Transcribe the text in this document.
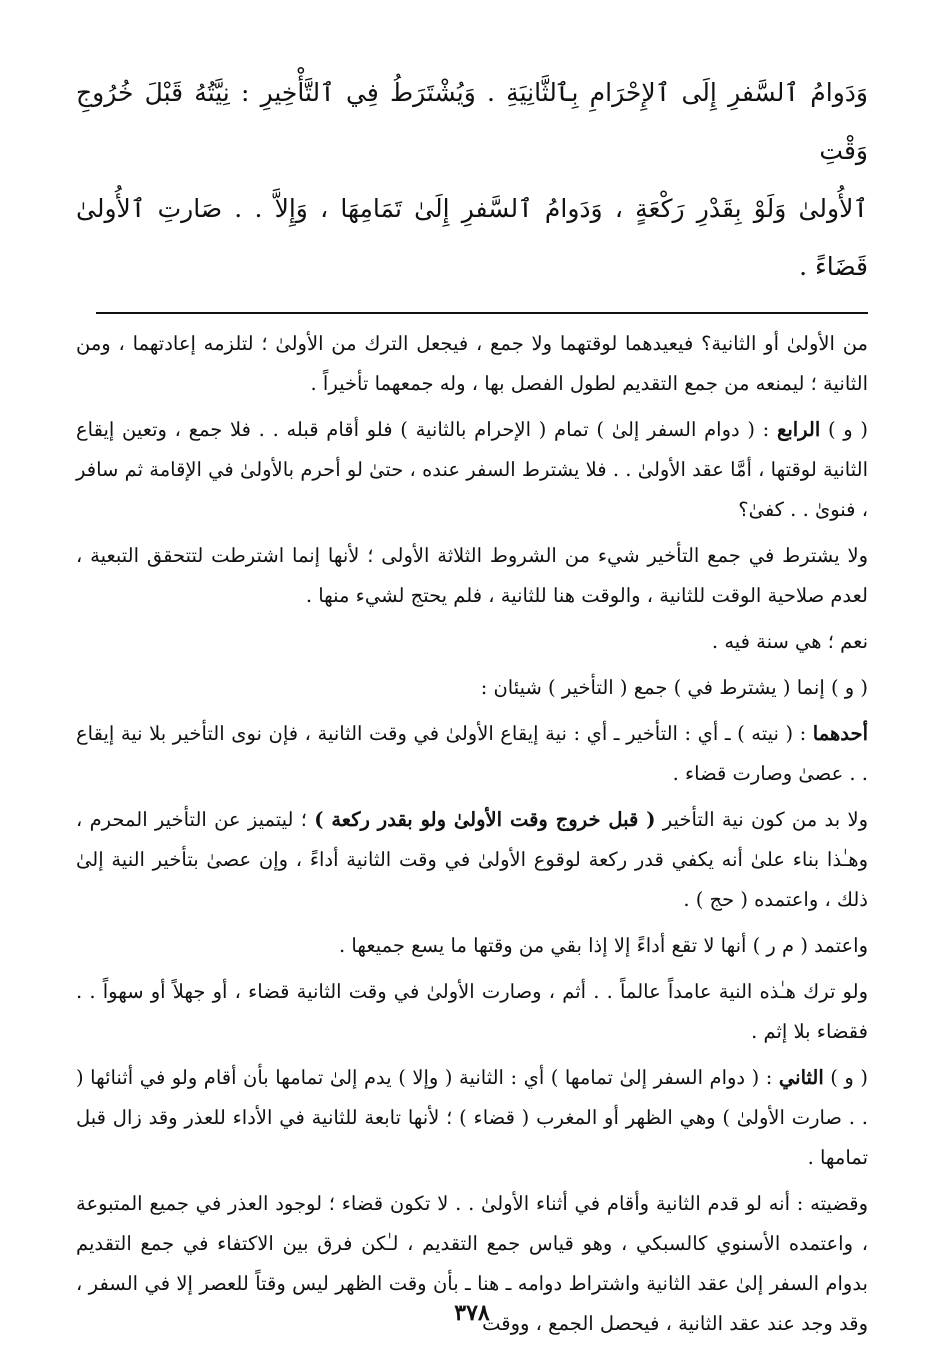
وَدَوامُ ٱلسَّفرِ إِلَى ٱلإِحْرَامِ بِٱلثَّانِيَةِ . وَيُشْتَرَطُ فِي ٱلتَّأْخِيرِ : نِيَّتُهُ قَبْلَ خُرُوجِ وَقْتِ

ٱلأُولىٰ وَلَوْ بِقَدْرِ رَكْعَةٍ ، وَدَوامُ ٱلسَّفرِ إِلَىٰ تَمَامِهَا ، وَإِلاَّ . . صَارتِ ٱلأُولىٰ قَضَاءً .

من الأولىٰ أو الثانية؟ فيعيدهما لوقتهما ولا جمع ، فيجعل الترك من الأولىٰ ؛ لتلزمه إعادتهما ، ومن الثانية ؛ ليمنعه من جمع التقديم لطول الفصل بها ، وله جمعهما تأخيراً .

( و ) الرابع : ( دوام السفر إلىٰ ) تمام ( الإحرام بالثانية ) فلو أقام قبله . . فلا جمع ، وتعين إيقاع الثانية لوقتها ، أمَّا عقد الأولىٰ . . فلا يشترط السفر عنده ، حتىٰ لو أحرم بالأولىٰ في الإقامة ثم سافر ، فنوىٰ . . كفىٰ؟

ولا يشترط في جمع التأخير شيء من الشروط الثلاثة الأولى ؛ لأنها إنما اشترطت لتتحقق التبعية ، لعدم صلاحية الوقت للثانية ، والوقت هنا للثانية ، فلم يحتج لشيء منها .

نعم ؛ هي سنة فيه .

( و ) إنما ( يشترط في ) جمع ( التأخير ) شيئان :

أحدهما : ( نيته ) ـ أي : التأخير ـ أي : نية إيقاع الأولىٰ في وقت الثانية ، فإن نوى التأخير بلا نية إيقاع . . عصىٰ وصارت قضاء .

ولا بد من كون نية التأخير ( قبل خروج وقت الأولىٰ ولو بقدر ركعة ) ؛ ليتميز عن التأخير المحرم ، وهـٰذا بناء علىٰ أنه يكفي قدر ركعة لوقوع الأولىٰ في وقت الثانية أداءً ، وإن عصىٰ بتأخير النية إلىٰ ذلك ، واعتمده ( حج ) .

واعتمد ( م ر ) أنها لا تقع أداءً إلا إذا بقي من وقتها ما يسع جميعها .

ولو ترك هـٰذه النية عامداً عالماً . . أثم ، وصارت الأولىٰ في وقت الثانية قضاء ، أو جهلاً أو سهواً . . فقضاء بلا إثم .

( و ) الثاني : ( دوام السفر إلىٰ تمامها ) أي : الثانية ( وإلا ) يدم إلىٰ تمامها بأن أقام ولو في أثنائها ( . . صارت الأولىٰ ) وهي الظهر أو المغرب ( قضاء ) ؛ لأنها تابعة للثانية في الأداء للعذر وقد زال قبل تمامها .

وقضيته : أنه لو قدم الثانية وأقام في أثناء الأولىٰ . . لا تكون قضاء ؛ لوجود العذر في جميع المتبوعة ، واعتمده الأسنوي كالسبكي ، وهو قياس جمع التقديم ، لـٰكن فرق بين الاكتفاء في جمع التقديم بدوام السفر إلىٰ عقد الثانية واشتراط دوامه ـ هنا ـ بأن وقت الظهر ليس وقتاً للعصر إلا في السفر ، وقد وجد عند عقد الثانية ، فيحصل الجمع ، ووقت

٣٧٨
